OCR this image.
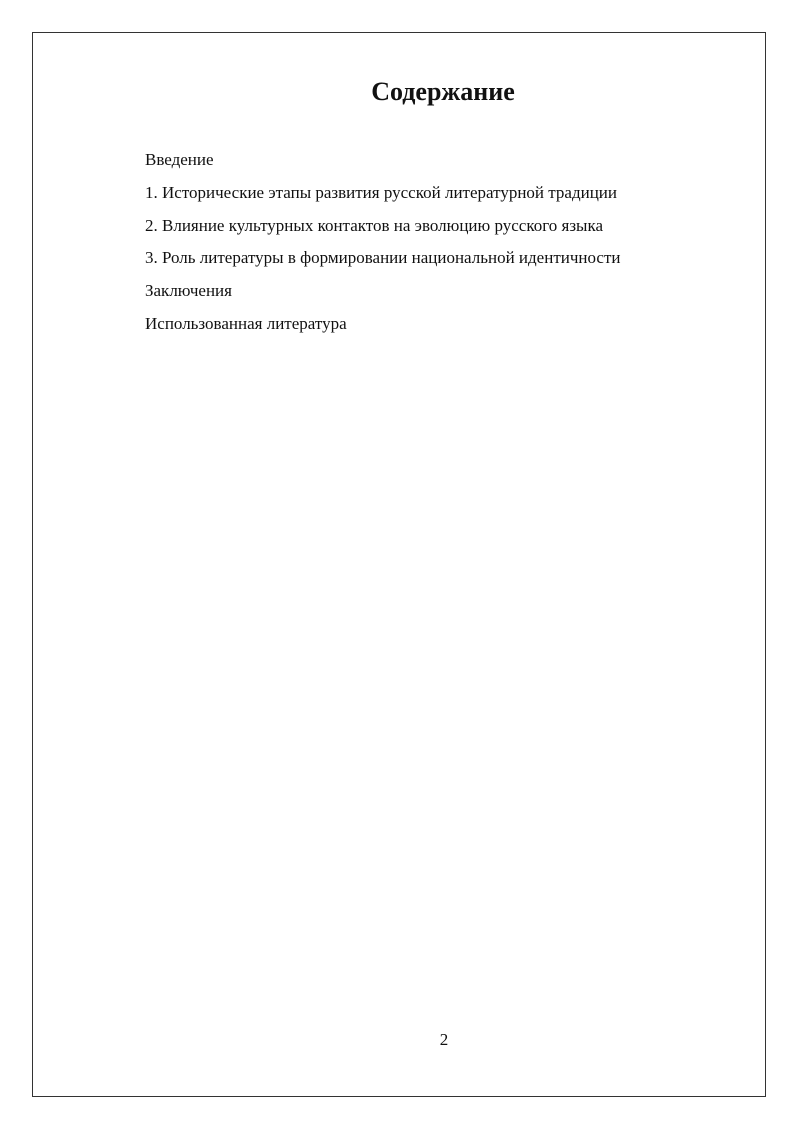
Содержание
Введение
1. Исторические этапы развития русской литературной традиции
2. Влияние культурных контактов на эволюцию русского языка
3. Роль литературы в формировании национальной идентичности
Заключения
Использованная литература
2
